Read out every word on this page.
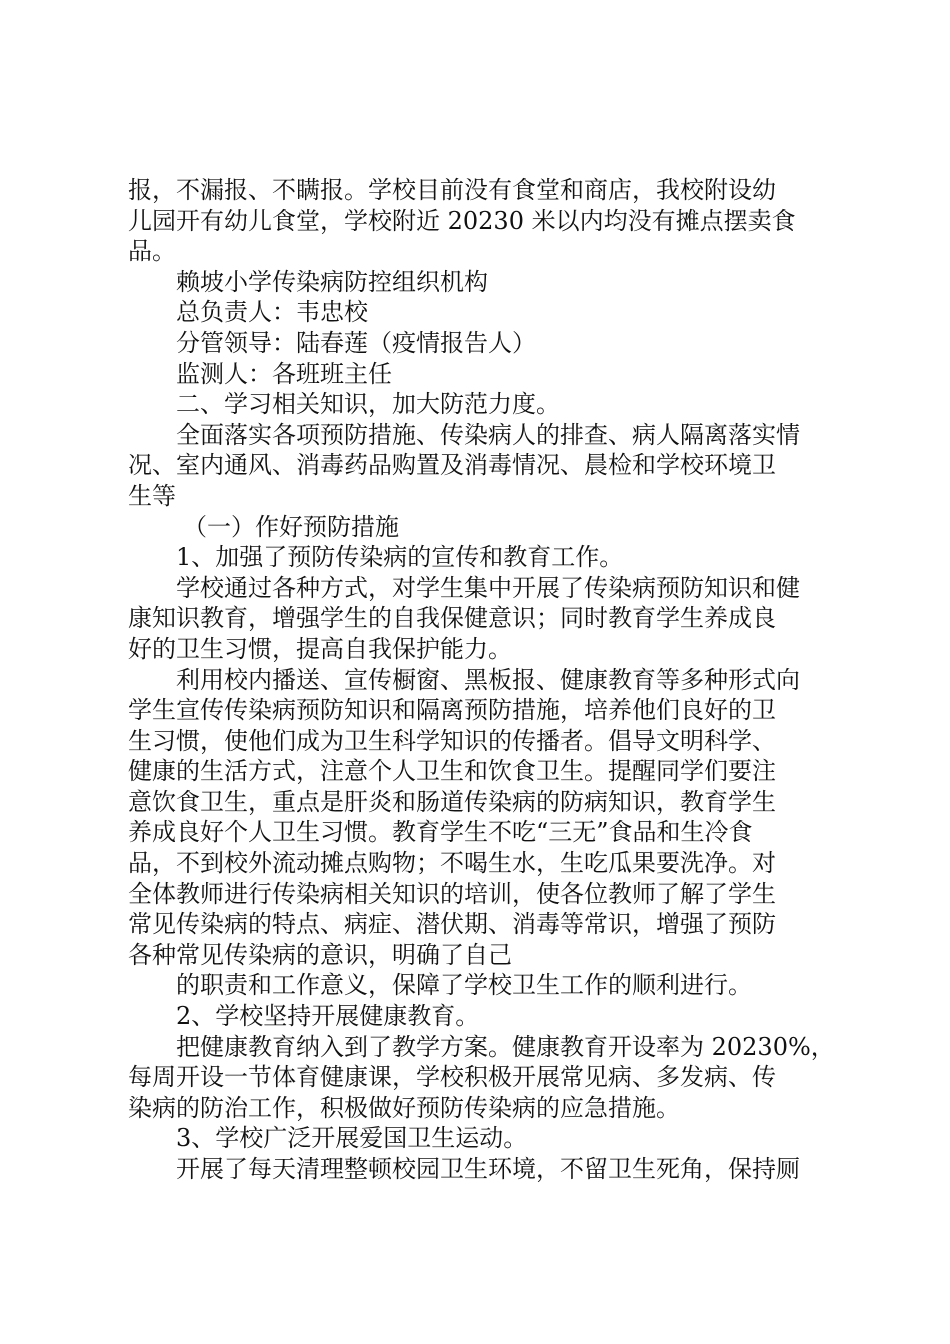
报，不漏报、不瞒报。学校目前没有食堂和商店，我校附设幼
儿园开有幼儿食堂，学校附近 20230 米以内均没有摊点摆卖食
品。
赖坡小学传染病防控组织机构
总负责人：韦忠校
分管领导：陆春莲（疫情报告人）
监测人：各班班主任
二、学习相关知识，加大防范力度。
全面落实各项预防措施、传染病人的排查、病人隔离落实情
况、室内通风、消毒药品购置及消毒情况、晨检和学校环境卫
生等
（一）作好预防措施
1、加强了预防传染病的宣传和教育工作。
学校通过各种方式，对学生集中开展了传染病预防知识和健
康知识教育，增强学生的自我保健意识；同时教育学生养成良
好的卫生习惯，提高自我保护能力。
利用校内播送、宣传橱窗、黑板报、健康教育等多种形式向
学生宣传传染病预防知识和隔离预防措施，培养他们良好的卫
生习惯，使他们成为卫生科学知识的传播者。倡导文明科学、
健康的生活方式，注意个人卫生和饮食卫生。提醒同学们要注
意饮食卫生，重点是肝炎和肠道传染病的防病知识，教育学生
养成良好个人卫生习惯。教育学生不吃“三无”食品和生冷食
品，不到校外流动摊点购物；不喝生水，生吃瓜果要洗净。对
全体教师进行传染病相关知识的培训，使各位教师了解了学生
常见传染病的特点、病症、潜伏期、消毒等常识，增强了预防
各种常见传染病的意识，明确了自己
的职责和工作意义，保障了学校卫生工作的顺利进行。
2、学校坚持开展健康教育。
把健康教育纳入到了教学方案。健康教育开设率为 20230%，
每周开设一节体育健康课，学校积极开展常见病、多发病、传
染病的防治工作，积极做好预防传染病的应急措施。
3、学校广泛开展爱国卫生运动。
开展了每天清理整顿校园卫生环境，不留卫生死角，保持厕
